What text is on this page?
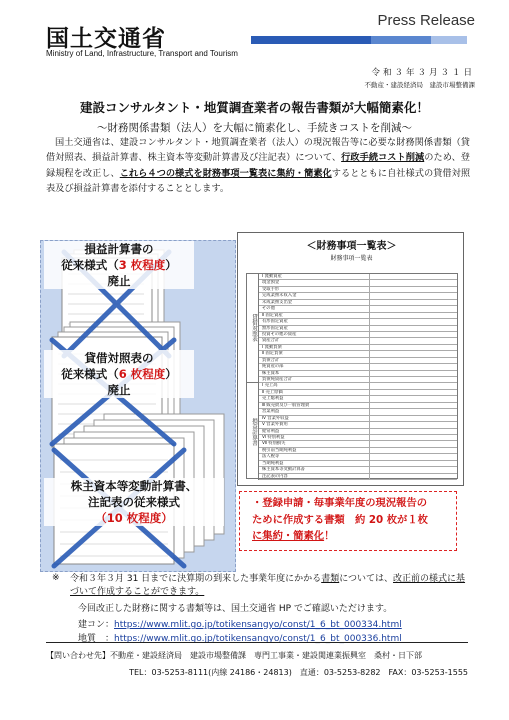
国土交通省
Ministry of Land, Infrastructure, Transport and Tourism
Press Release
令和３年３月３１日
不動産・建設経済局　建設市場整備課
建設コンサルタント・地質調査業者の報告書類が大幅簡素化！
～財務関係書類（法人）を大幅に簡素化し、手続きコストを削減～
国土交通省は、建設コンサルタント・地質調査業者（法人）の現況報告等に必要な財務関係書類（貸借対照表、損益計算書、株主資本等変動計算書及び注記表）について、行政手続コスト削減のため、登録規程を改正し、これら４つの様式を財務事項一覧表に集約・簡素化するとともに自社様式の貸借対照表及び損益計算書を添付することとします。
損益計算書の
従来様式（3 枚程度）
廃止
貸借対照表の
従来様式（6 枚程度）
廃止
株主資本等変動計算書、
注記表の従来様式
（10 枚程度）
＜財務事項一覧表＞
財務事項一覧表
貸借対照表
損益計算書
Ⅰ 流動資産
現金預金
受取手形
完成業務未収入金
未成業務支出金
その他
Ⅱ 固定資産
有形固定資産
無形固定資産
投資その他の資産
資産合計
Ⅰ 流動負債
Ⅱ 固定負債
負債合計
純資産の部
株主資本
負債純資産合計
Ⅰ 売上高
Ⅱ 売上原価
売上総利益
Ⅲ 販売費及び一般管理費
営業利益
Ⅳ 営業外収益
Ⅴ 営業外費用
経常利益
Ⅵ 特別利益
Ⅶ 特別損失
税引前当期純利益
法人税等
当期純利益
株主資本等変動計算書
注記表の内容
・登録申請・毎事業年度の現況報告の
ために作成する書類　約 20 枚が１枚
に集約・簡素化！
※ 令和３年３月 31 日までに決算期の到来した事業年度にかかる書類については、改正前の様式に基づいて作成することができます。
今回改正した財務に関する書類等は、国土交通省 HP でご確認いただけます。
建コン：https://www.mlit.go.jp/totikensangyo/const/1_6_bt_000334.html
地質　：https://www.mlit.go.jp/totikensangyo/const/1_6_bt_000336.html
【問い合わせ先】不動産・建設経済局　建設市場整備課　専門工事業・建設関連業振興室　桑村・日下部
TEL：03-5253-8111(内線 24186・24813)　直通：03-5253-8282　FAX：03-5253-1555
